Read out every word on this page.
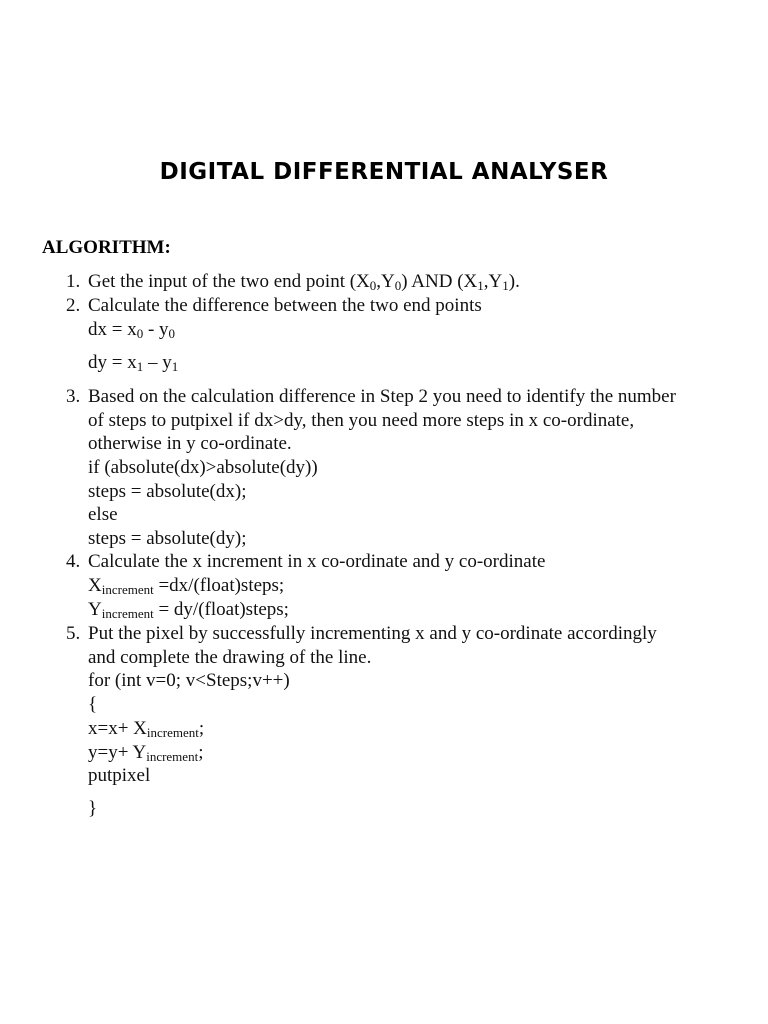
DIGITAL DIFFERENTIAL ANALYSER
ALGORITHM:
1. Get the input of the two end point $(X_0,Y_0)$ AND $(X_1,Y_1)$.
2. Calculate the difference between the two end points
dx = $x_0 - y_0$
dy = $x_1 - y_1$
3. Based on the calculation difference in Step 2 you need to identify the number
of steps to putpixel if dx>dy, then you need more steps in x co-ordinate,
otherwise in y co-ordinate.
if (absolute(dx)>absolute(dy))
steps = absolute(dx);
else
steps = absolute(dy);
4. Calculate the x increment in x co-ordinate and y co-ordinate
$X_{increment}$ =dx/(float)steps;
$Y_{increment}$ = dy/(float)steps;
5. Put the pixel by successfully incrementing x and y co-ordinate accordingly
and complete the drawing of the line.
for (int v=0; v<Steps;v++)
{
$x=x+ X_{increment}$;
$y=y+ Y_{increment}$;
putpixel
}
